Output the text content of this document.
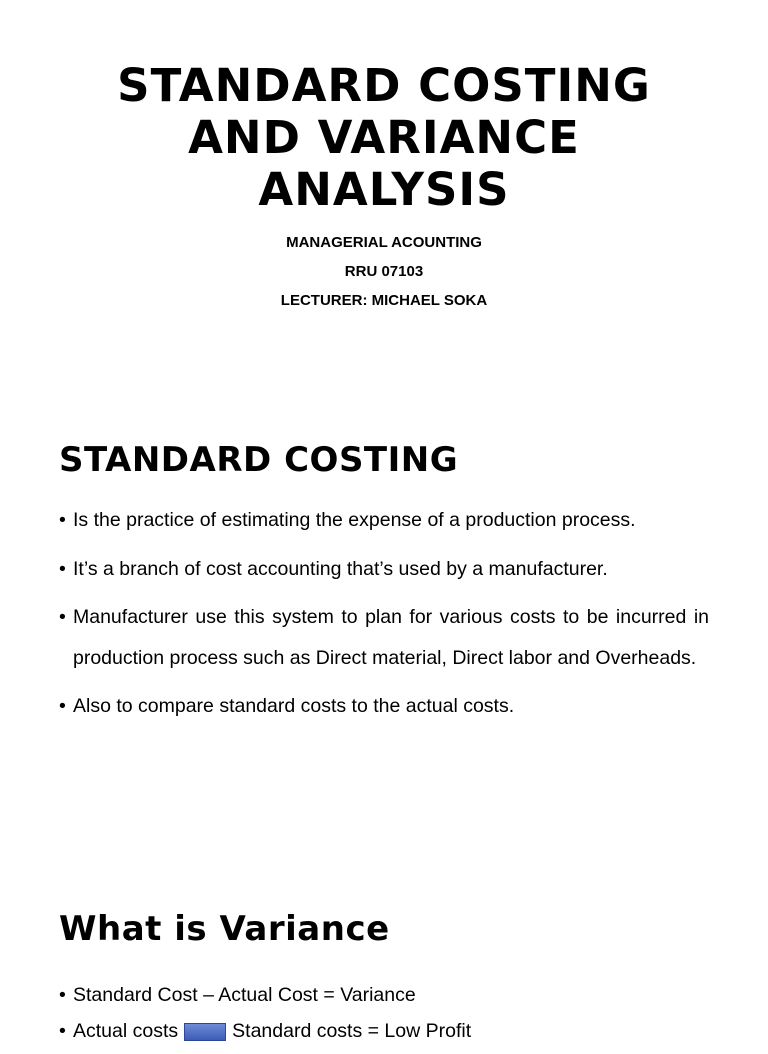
STANDARD COSTING
AND VARIANCE
ANALYSIS
MANAGERIAL ACOUNTING
RRU 07103
LECTURER: MICHAEL SOKA
STANDARD COSTING
• Is the practice of estimating the expense of a production process.
• It’s a branch of cost accounting that’s used by a manufacturer.
• Manufacturer use this system to plan for various costs to be incurred in production process such as Direct material, Direct labor and Overheads.
• Also to compare standard costs to the actual costs.
What is Variance
• Standard Cost – Actual Cost = Variance
• Actual costs	Standard costs = Low Profit
